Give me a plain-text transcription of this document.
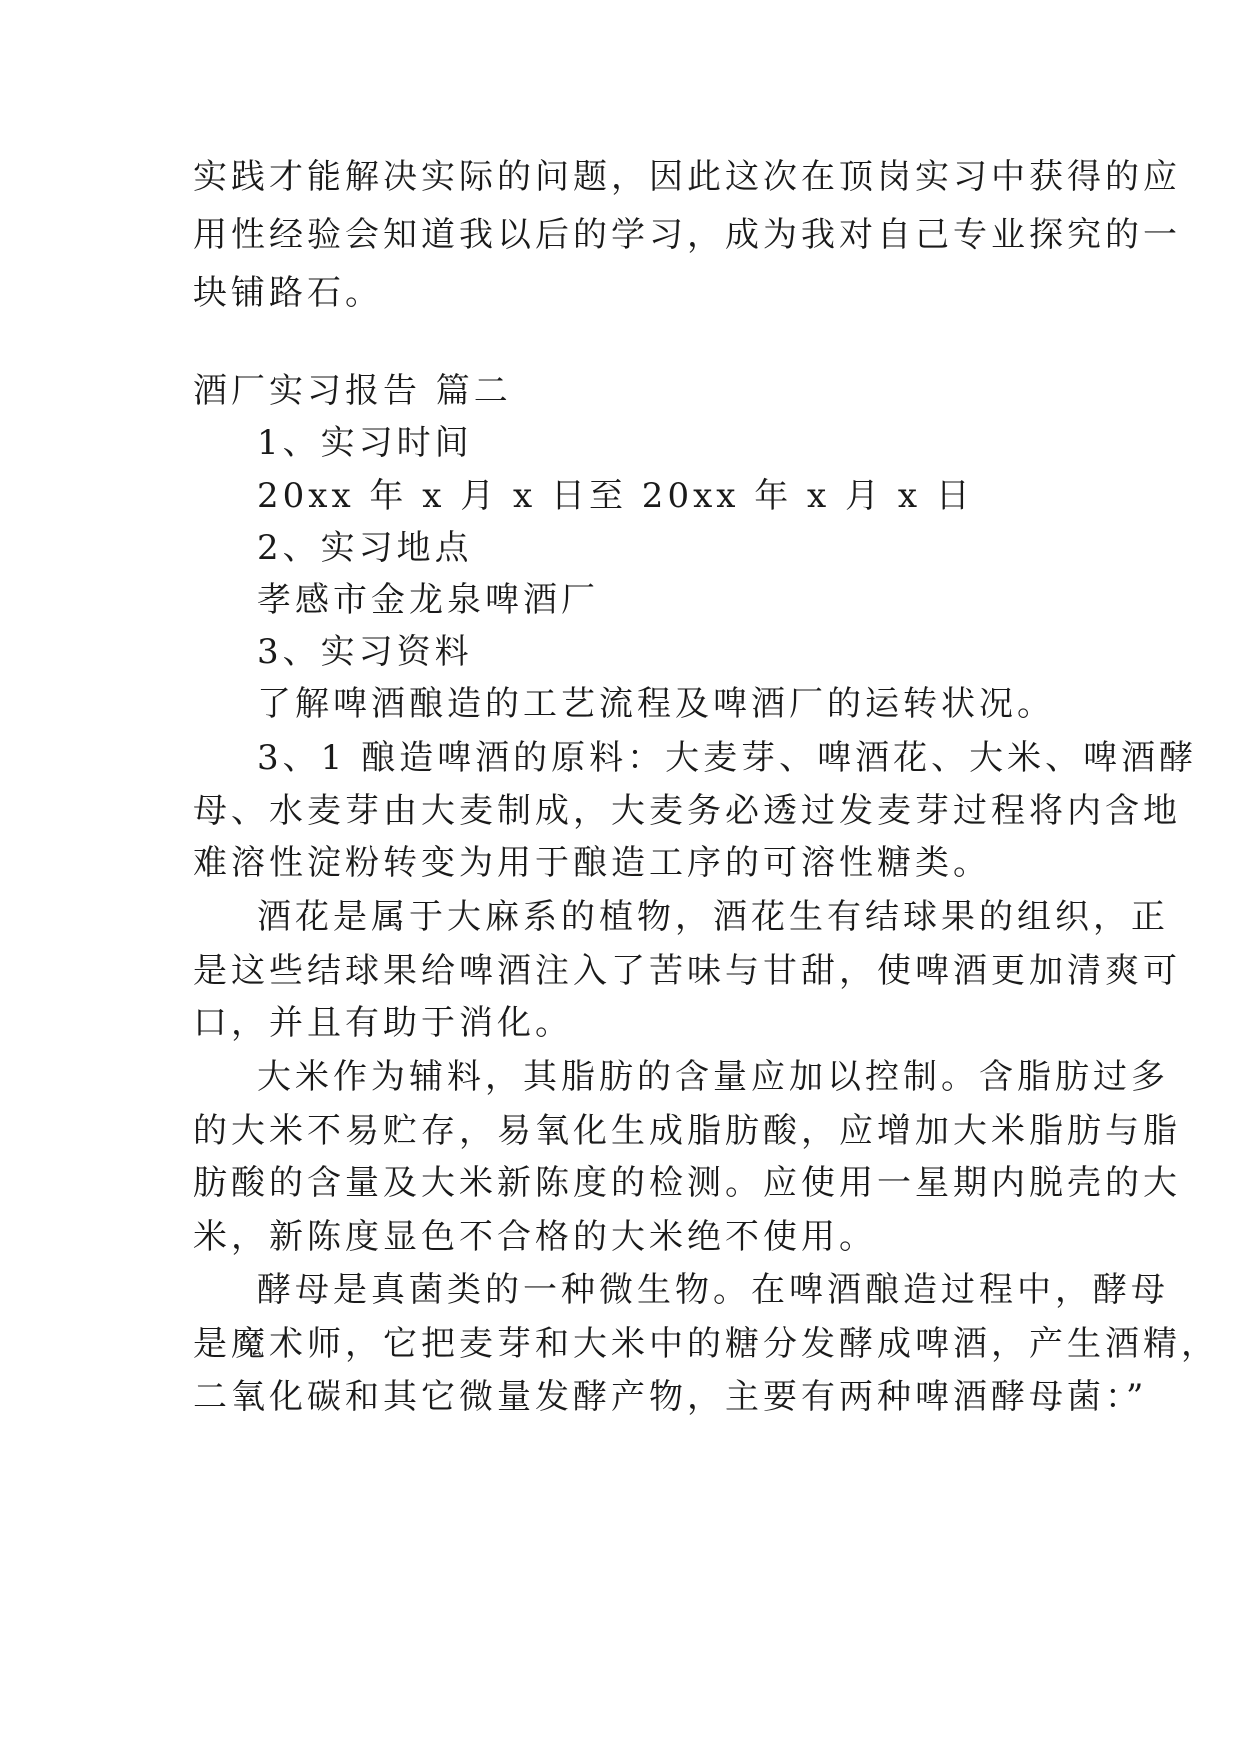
实践才能解决实际的问题，因此这次在顶岗实习中获得的应
用性经验会知道我以后的学习，成为我对自己专业探究的一
块铺路石。
酒厂实习报告 篇二
1、实习时间
20xx 年 x 月 x 日至 20xx 年 x 月 x 日
2、实习地点
孝感市金龙泉啤酒厂
3、实习资料
了解啤酒酿造的工艺流程及啤酒厂的运转状况。
3、1 酿造啤酒的原料：大麦芽、啤酒花、大米、啤酒酵
母、水麦芽由大麦制成，大麦务必透过发麦芽过程将内含地
难溶性淀粉转变为用于酿造工序的可溶性糖类。
酒花是属于大麻系的植物，酒花生有结球果的组织，正
是这些结球果给啤酒注入了苦味与甘甜，使啤酒更加清爽可
口，并且有助于消化。
大米作为辅料，其脂肪的含量应加以控制。含脂肪过多
的大米不易贮存，易氧化生成脂肪酸，应增加大米脂肪与脂
肪酸的含量及大米新陈度的检测。应使用一星期内脱壳的大
米，新陈度显色不合格的大米绝不使用。
酵母是真菌类的一种微生物。在啤酒酿造过程中，酵母
是魔术师，它把麦芽和大米中的糖分发酵成啤酒，产生酒精，
二氧化碳和其它微量发酵产物，主要有两种啤酒酵母菌：”
